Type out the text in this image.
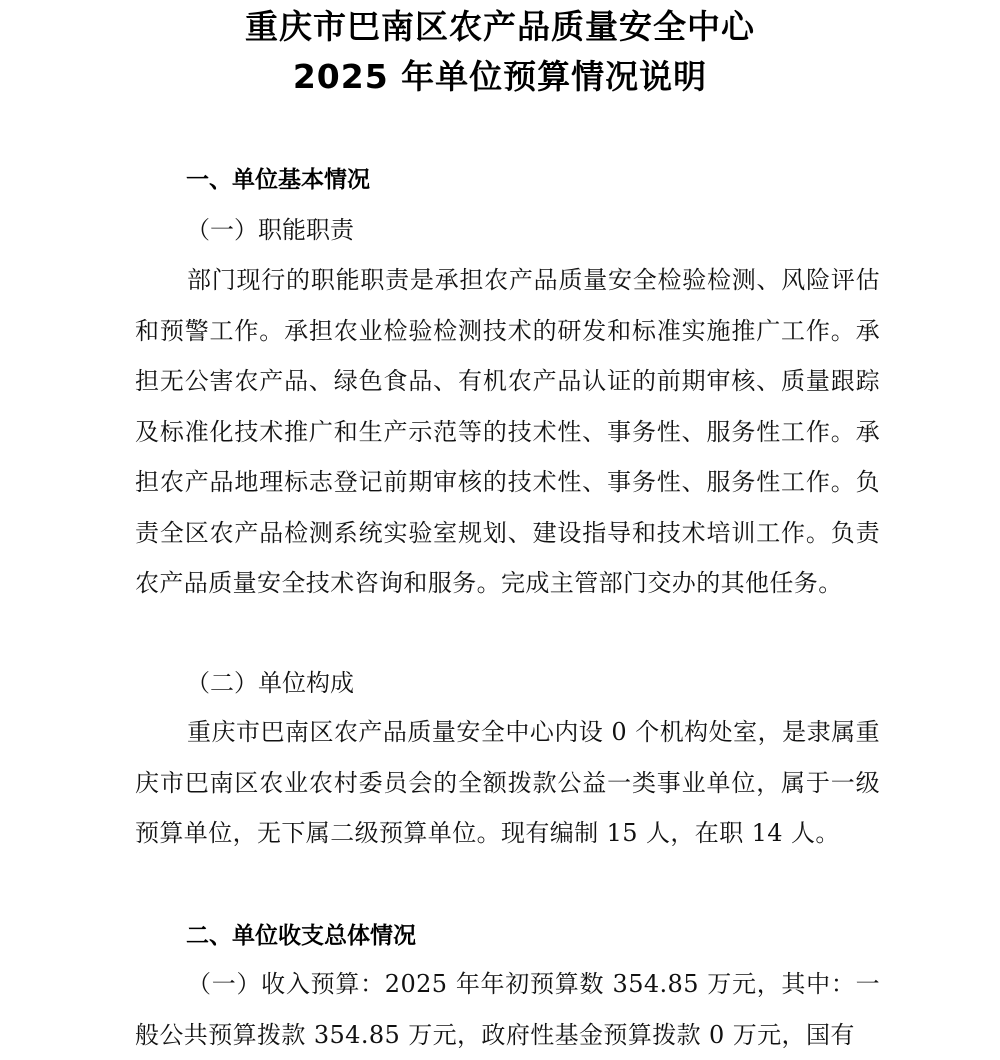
重庆市巴南区农产品质量安全中心
2025 年单位预算情况说明
一、单位基本情况
（一）职能职责
部门现行的职能职责是承担农产品质量安全检验检测、风险评估和预警工作。承担农业检验检测技术的研发和标准实施推广工作。承担无公害农产品、绿色食品、有机农产品认证的前期审核、质量跟踪及标准化技术推广和生产示范等的技术性、事务性、服务性工作。承担农产品地理标志登记前期审核的技术性、事务性、服务性工作。负责全区农产品检测系统实验室规划、建设指导和技术培训工作。负责农产品质量安全技术咨询和服务。完成主管部门交办的其他任务。
（二）单位构成
重庆市巴南区农产品质量安全中心内设 0 个机构处室，是隶属重庆市巴南区农业农村委员会的全额拨款公益一类事业单位，属于一级预算单位，无下属二级预算单位。现有编制 15 人，在职 14 人。
二、单位收支总体情况
（一）收入预算：2025 年年初预算数 354.85 万元，其中：一般公共预算拨款 354.85 万元，政府性基金预算拨款 0 万元，国有
